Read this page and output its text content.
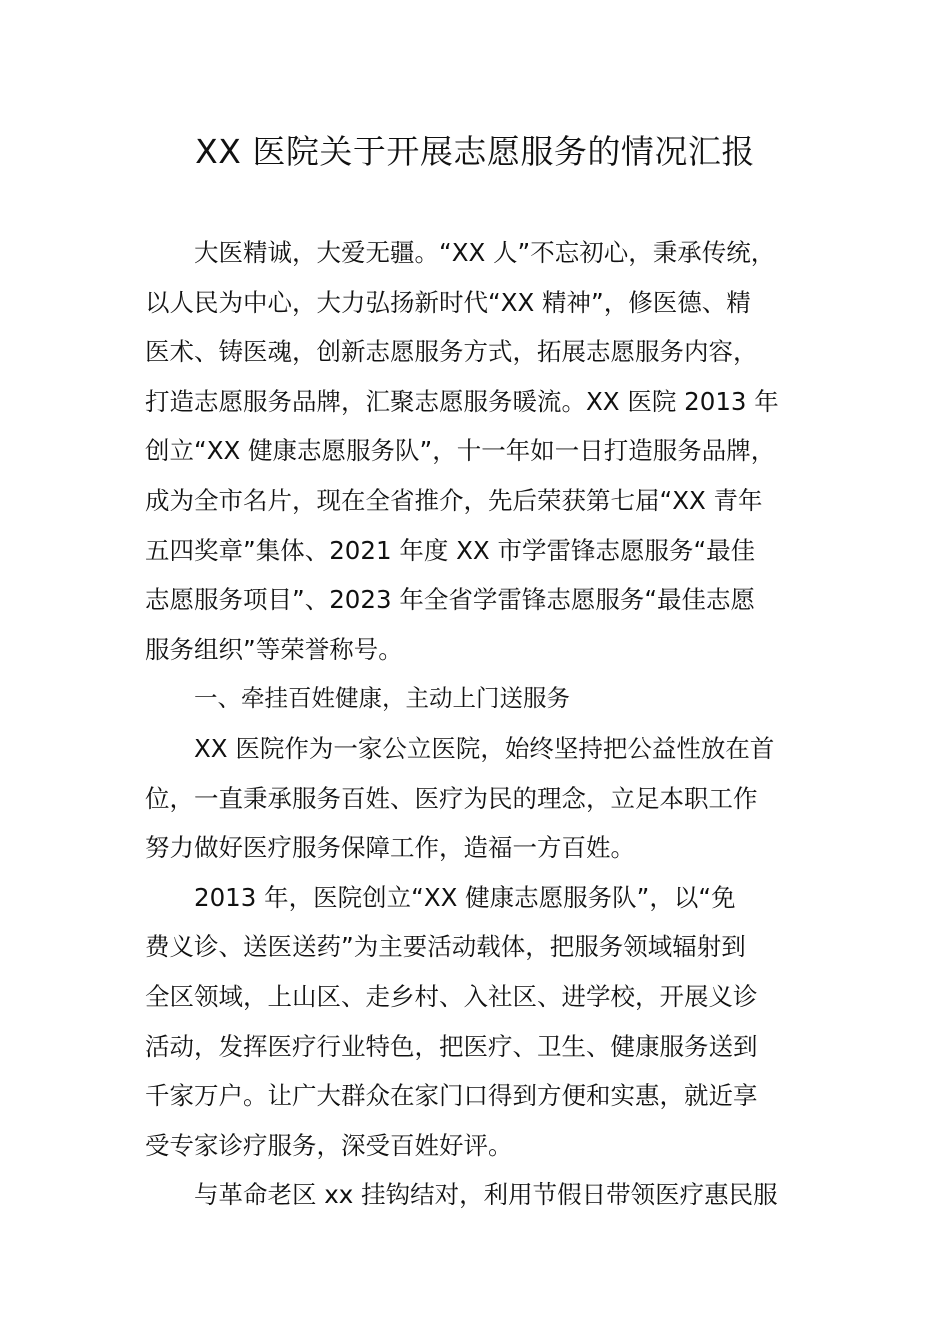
XX 医院关于开展志愿服务的情况汇报
大医精诚，大爱无疆。“XX 人”不忘初心，秉承传统，
以人民为中心，大力弘扬新时代“XX 精神”，修医德、精
医术、铸医魂，创新志愿服务方式，拓展志愿服务内容，
打造志愿服务品牌，汇聚志愿服务暖流。XX 医院 2013 年
创立“XX 健康志愿服务队”，十一年如一日打造服务品牌，
成为全市名片，现在全省推介，先后荣获第七届“XX 青年
五四奖章”集体、2021 年度 XX 市学雷锋志愿服务“最佳
志愿服务项目”、2023 年全省学雷锋志愿服务“最佳志愿
服务组织”等荣誉称号。
一、牵挂百姓健康，主动上门送服务
XX 医院作为一家公立医院，始终坚持把公益性放在首
位，一直秉承服务百姓、医疗为民的理念，立足本职工作
努力做好医疗服务保障工作，造福一方百姓。
2013 年，医院创立“XX 健康志愿服务队”，以“免
费义诊、送医送药”为主要活动载体，把服务领域辐射到
全区领域，上山区、走乡村、入社区、进学校，开展义诊
活动，发挥医疗行业特色，把医疗、卫生、健康服务送到
千家万户。让广大群众在家门口得到方便和实惠，就近享
受专家诊疗服务，深受百姓好评。
与革命老区 xx 挂钩结对，利用节假日带领医疗惠民服
